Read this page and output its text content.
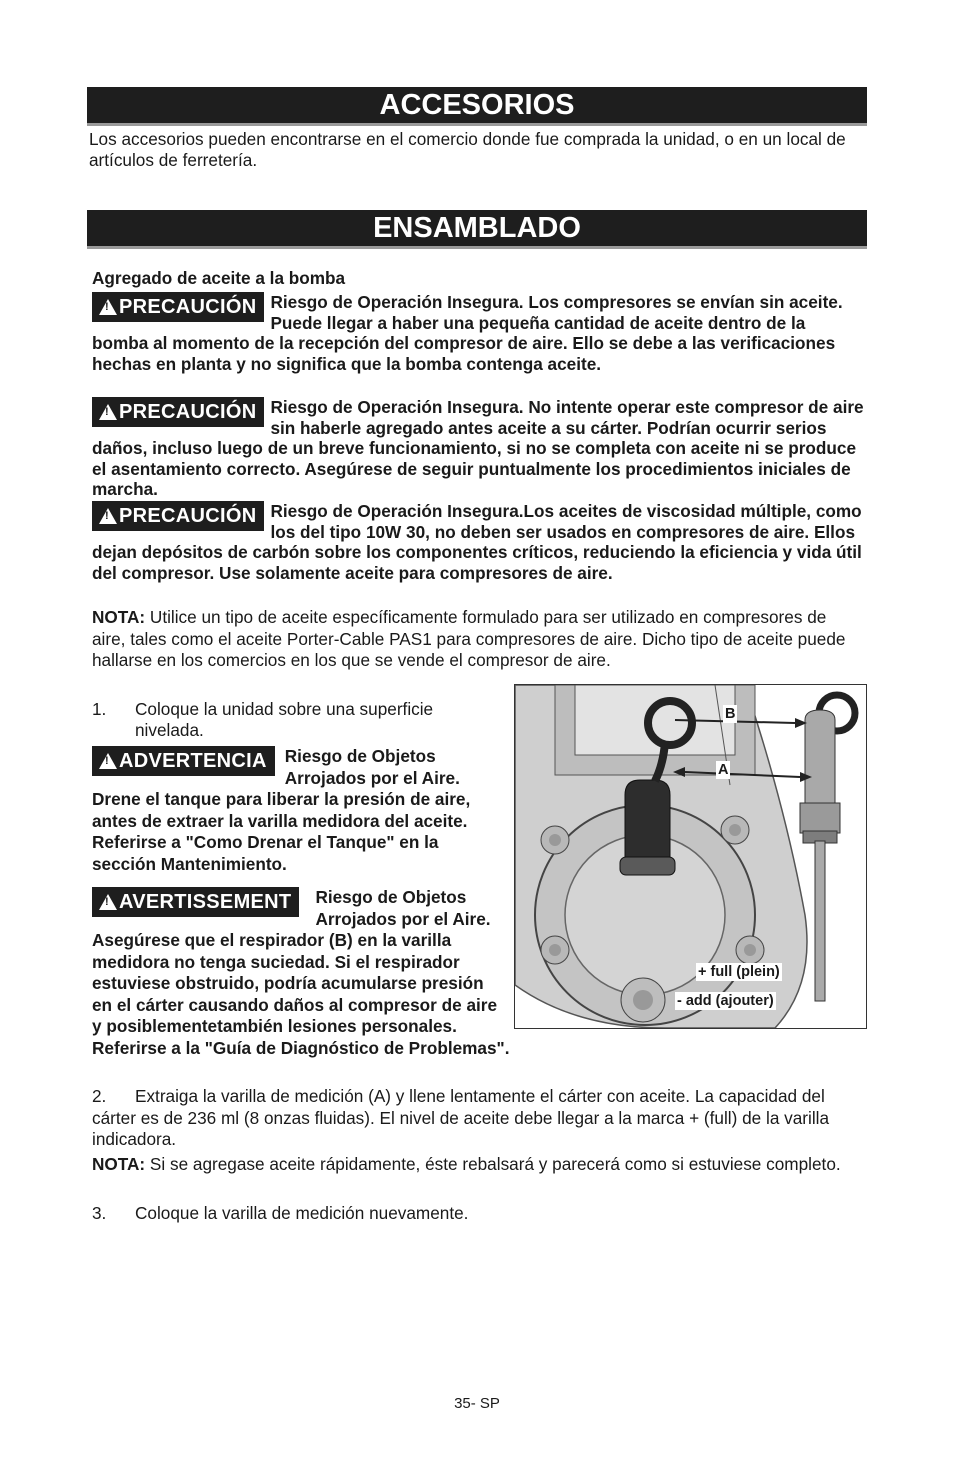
ACCESORIOS

Los accesorios pueden encontrarse en el comercio donde fue comprada la unidad, o en un local de artículos de ferretería.

ENSAMBLADO

Agregado de aceite a la bomba

!PRECAUCIÓN Riesgo de Operación Insegura. Los compresores se envían sin aceite. Puede llegar a haber una pequeña cantidad de aceite dentro de la bomba al momento de la recepción del compresor de aire. Ello se debe a las verificaciones hechas en planta y no significa que la bomba contenga aceite.
!PRECAUCIÓN Riesgo de Operación Insegura. No intente operar este compresor de aire sin haberle agregado antes aceite a su cárter. Podrían ocurrir serios daños, incluso luego de un breve funcionamiento, si no se completa con aceite ni se produce el asentamiento correcto. Asegúrese de seguir puntualmente los procedimientos iniciales de marcha.
!PRECAUCIÓN Riesgo de Operación Insegura.Los aceites de viscosidad múltiple, como los del tipo 10W 30, no deben ser usados en compresores de aire. Ellos dejan depósitos de carbón sobre los componentes críticos, reduciendo la eficiencia y vida útil del compresor. Use solamente aceite para compresores de aire.

NOTA: Utilice un tipo de aceite específicamente formulado para ser utilizado en compresores de aire, tales como el aceite Porter-Cable PAS1 para compresores de aire. Dicho tipo de aceite puede hallarse en los comercios en los que se vende el compresor de aire.

1.	Coloque la unidad sobre una superficie nivelada.
!ADVERTENCIA	Riesgo de Objetos Arrojados por el Aire. Drene el tanque para liberar la presión de aire, antes de extraer la varilla medidora del aceite. Referirse a "Como Drenar el Tanque" en la sección Mantenimiento.
!AVERTISSEMENT	Riesgo de Objetos Arrojados por el Aire. Asegúrese que el respirador (B) en la varilla medidora no tenga suciedad. Si el respirador estuviese obstruido, podría acumularse presión en el cárter causando daños al compresor de aire y posiblementetambién lesiones personales. Referirse a la "Guía de Diagnóstico de Problemas".
B
A
+ full (plein)
- add (ajouter)

2. Extraiga la varilla de medición (A) y llene lentamente el cárter con aceite. La capacidad del cárter es de 236 ml (8 onzas fluidas). El nivel de aceite debe llegar a la marca + (full) de la varilla indicadora.

NOTA: Si se agregase aceite rápidamente, éste rebalsará y parecerá como si estuviese completo.

3. Coloque la varilla de medición nuevamente.

35- SP
